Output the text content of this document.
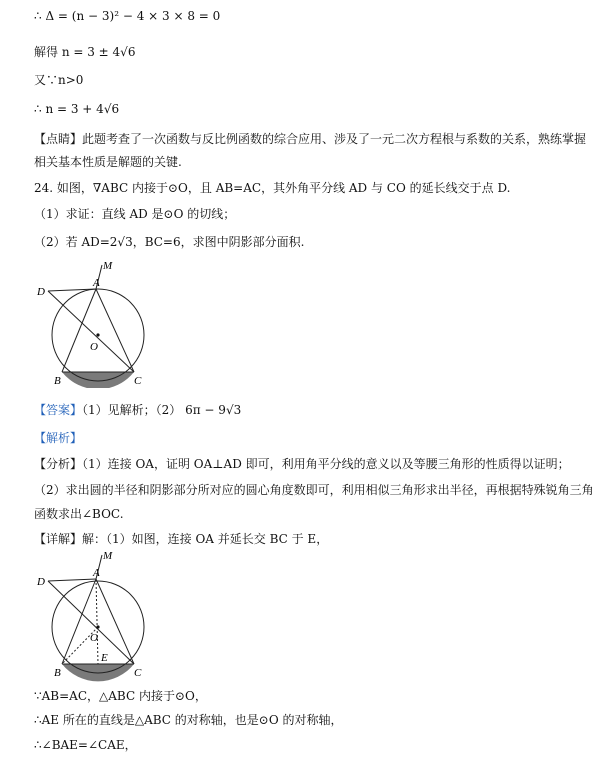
∴ Δ = (n − 3)² − 4 × 3 × 8 = 0
解得 n = 3 ± 4√6
又∵n>0
∴ n = 3 + 4√6
【点睛】此题考查了一次函数与反比例函数的综合应用、涉及了一元二次方程根与系数的关系，熟练掌握
相关基本性质是解题的关键.
24. 如图，∇ABC 内接于⊙O，且 AB=AC，其外角平分线 AD 与 CO 的延长线交于点 D.
（1）求证：直线 AD 是⊙O 的切线；
（2）若 AD=2√3，BC=6，求图中阴影部分面积.
M
D
A
O
B	C
【答案】（1）见解析；（2） 6π − 9√3
【解析】
【分析】（1）连接 OA，证明 OA⊥AD 即可，利用角平分线的意义以及等腰三角形的性质得以证明；
（2）求出圆的半径和阴影部分所对应的圆心角度数即可，利用相似三角形求出半径，再根据特殊锐角三角
函数求出∠BOC.
【详解】解：（1）如图，连接 OA 并延长交 BC 于 E，
M
D
A
O
B
E
C
∵AB=AC，△ABC 内接于⊙O，
∴AE 所在的直线是△ABC 的对称轴，也是⊙O 的对称轴，
∴∠BAE=∠CAE，
